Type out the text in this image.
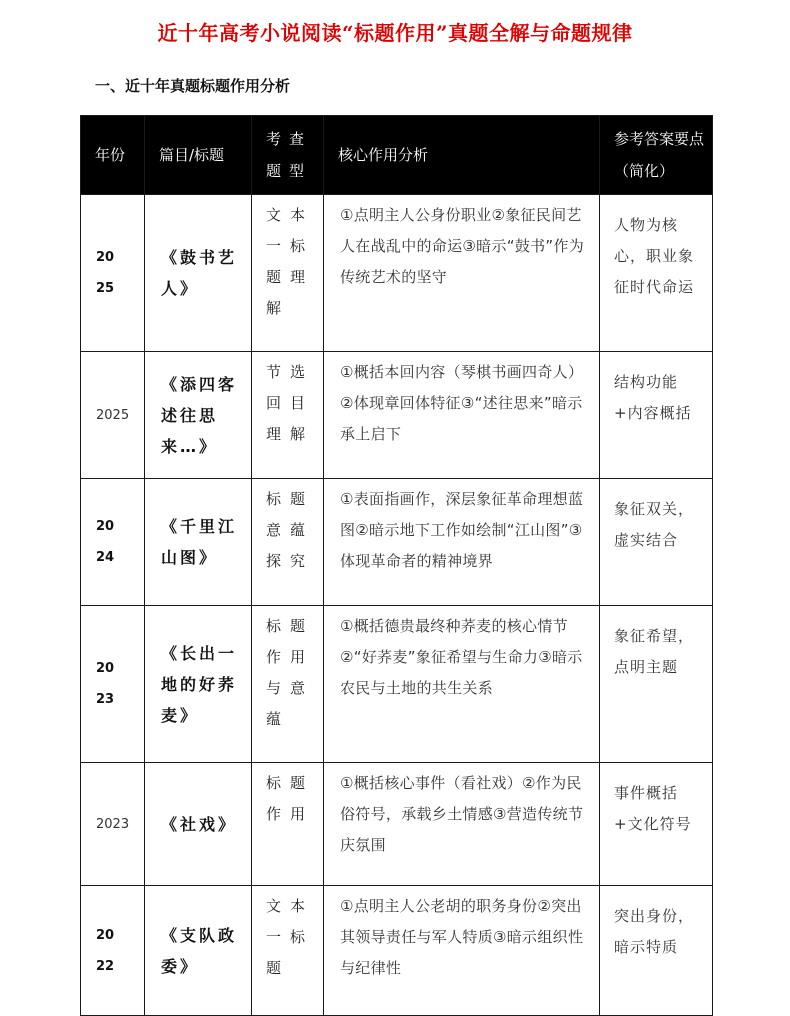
近十年高考小说阅读“标题作用”真题全解与命题规律
一、近十年真题标题作用分析
年份	篇目/标题	考查题型	核心作用分析	参考答案要点（简化）
2025	《鼓书艺人》	文本一标题理解	①点明主人公身份职业②象征民间艺人在战乱中的命运③暗示“鼓书”作为传统艺术的坚守	人物为核心，职业象征时代命运
2025	《添四客述往思来…》	节选回目理解	①概括本回内容（琴棋书画四奇人）②体现章回体特征③“述往思来”暗示承上启下	结构功能+内容概括
2024	《千里江山图》	标题意蕴探究	①表面指画作，深层象征革命理想蓝图②暗示地下工作如绘制“江山图”③体现革命者的精神境界	象征双关，虚实结合
2023	《长出一地的好荞麦》	标题作用与意蕴	①概括德贵最终种荞麦的核心情节②“好荞麦”象征希望与生命力③暗示农民与土地的共生关系	象征希望，点明主题
2023	《社戏》	标题作用	①概括核心事件（看社戏）②作为民俗符号，承载乡土情感③营造传统节庆氛围	事件概括+文化符号
2022	《支队政委》	文本一标题	①点明主人公老胡的职务身份②突出其领导责任与军人特质③暗示组织性与纪律性	突出身份，暗示特质
